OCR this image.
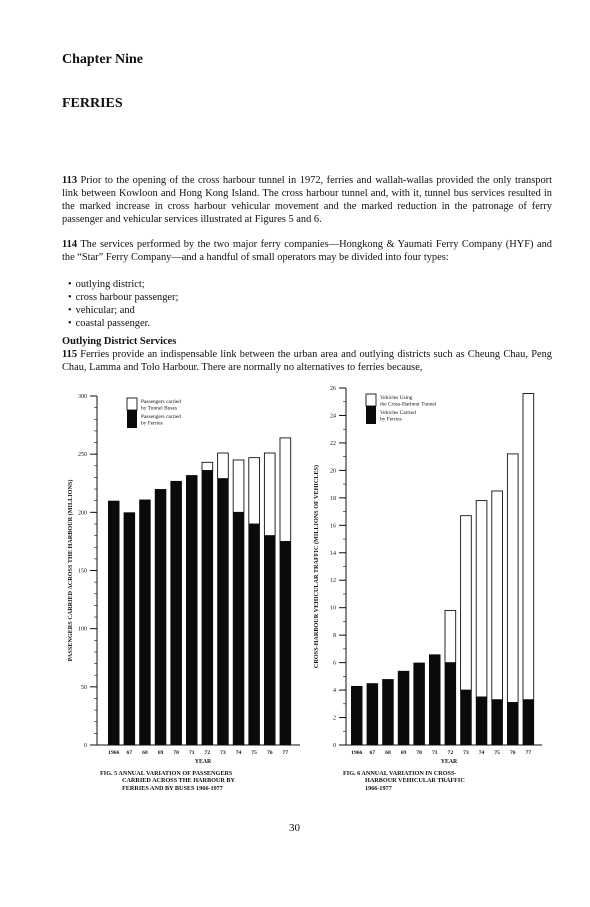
Chapter Nine
FERRIES
113 Prior to the opening of the cross harbour tunnel in 1972, ferries and wallah-wallas provided the only transport link between Kowloon and Hong Kong Island. The cross harbour tunnel and, with it, tunnel bus services resulted in the marked increase in cross harbour vehicular movement and the marked reduction in the patronage of ferry passenger and vehicular services illustrated at Figures 5 and 6.
114 The services performed by the two major ferry companies—Hongkong & Yaumati Ferry Company (HYF) and the “Star” Ferry Company—and a handful of small operators may be divided into four types:
• outlying district;
• cross harbour passenger;
• vehicular; and
• coastal passenger.
Outlying District Services
115 Ferries provide an indispensable link between the urban area and outlying districts such as Cheung Chau, Peng Chau, Lamma and Tolo Harbour. There are normally no alternatives to ferries because,
0
50
100
150
200
250
300
1966 67 68 69 70 71 72 73 74 75 76 77
YEAR
PASSENGERS CARRIED ACROSS THE HARBOUR (MILLIONS)
Passengers carried
by Tunnel Buses
Passengers carried
by Ferries
0
2
4
6
8
10
12
14
16
18
20
22
24
26
1966 67 68 69 70 71 72 73 74 75 76 77
YEAR
CROSS-HARBOUR VEHICULAR TRAFFIC (MILLIONS OF VEHICLES)
Vehicles Using
the Cross-Harbour Tunnel
Vehicles Carried
by Ferries
FIG. 5 ANNUAL VARIATION OF PASSENGERS
CARRIED ACROSS THE HARBOUR BY
FERRIES AND BY BUSES 1966-1977
FIG. 6 ANNUAL VARIATION IN CROSS-
HARBOUR VEHICULAR TRAFFIC
1966-1977
30
